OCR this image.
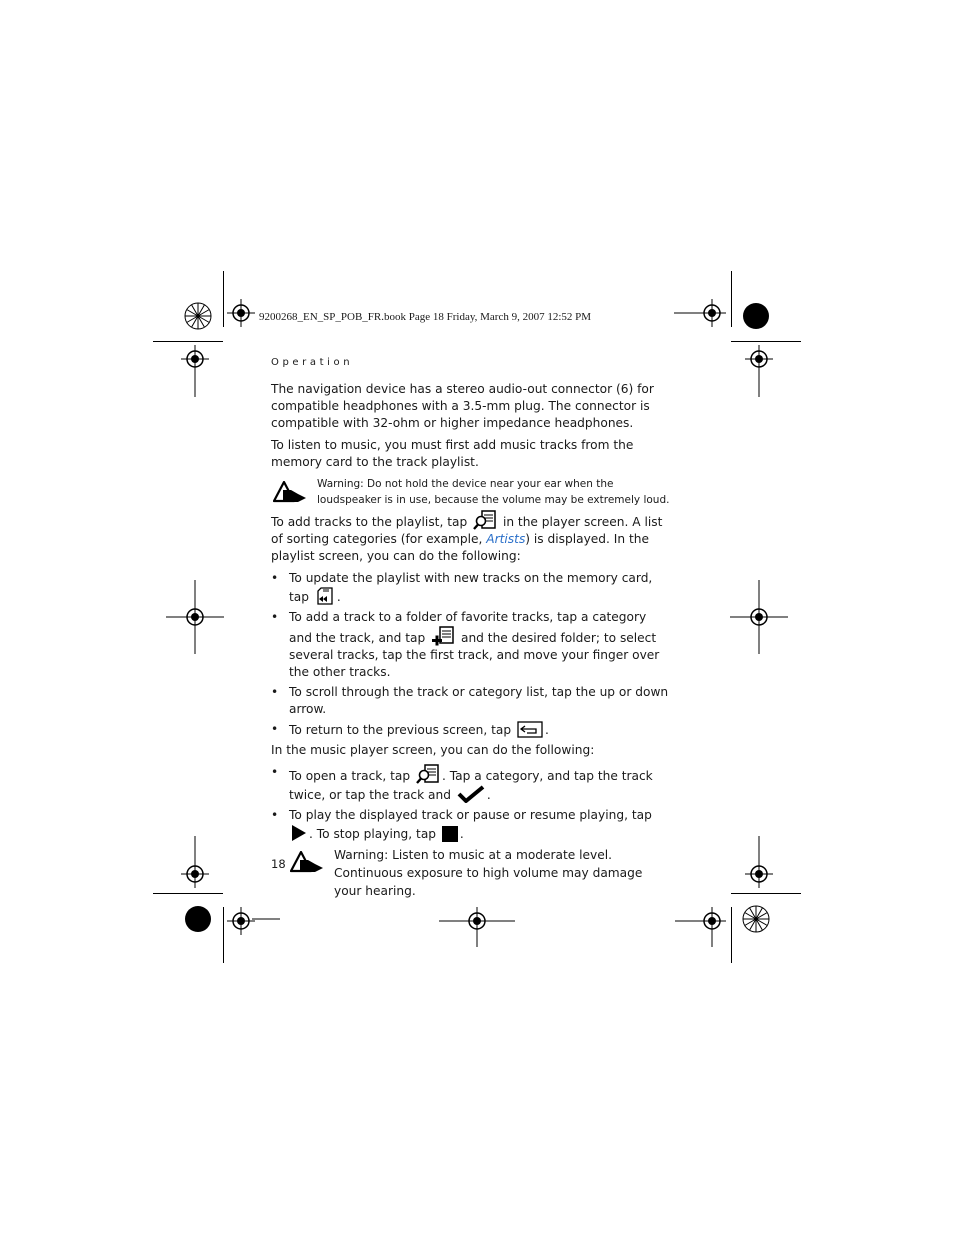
9200268_EN_SP_POB_FR.book Page 18 Friday, March 9, 2007 12:52 PM
Operation

The navigation device has a stereo audio-out connector (6) for compatible headphones with a 3.5-mm plug. The connector is compatible with 32-ohm or higher impedance headphones.

To listen to music, you must first add music tracks from the memory card to the track playlist.

Warning: Do not hold the device near your ear when the loudspeaker is in use, because the volume may be extremely loud.

To add tracks to the playlist, tap	in the player screen. A list of sorting categories (for example, Artists) is displayed. In the playlist screen, you can do the following:

• To update the playlist with new tracks on the memory card, tap .
• To add a track to a folder of favorite tracks, tap a category and the track, and tap	and the desired folder; to select several tracks, tap the first track, and move your finger over the other tracks.
• To scroll through the track or category list, tap the up or down arrow.
• To return to the previous screen, tap	.

In the music player screen, you can do the following:

• To open a track, tap	. Tap a category, and tap the track twice, or tap the track and	.
• To play the displayed track or pause or resume playing, tap . To stop playing, tap .
Warning: Listen to music at a moderate level. Continuous exposure to high volume may damage your hearing.
18
